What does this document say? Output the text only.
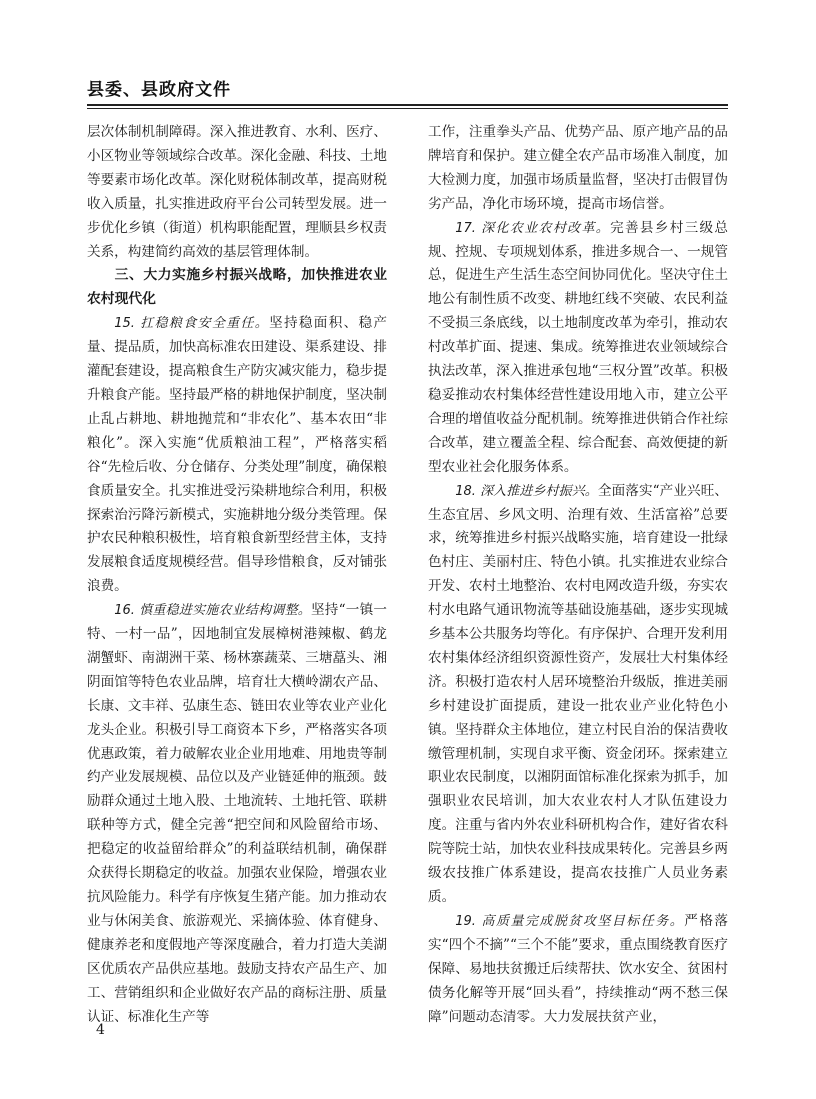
县委、县政府文件

层次体制机制障碍。深入推进教育、水利、医疗、小区物业等领域综合改革。深化金融、科技、土地等要素市场化改革。深化财税体制改革，提高财税收入质量，扎实推进政府平台公司转型发展。进一步优化乡镇（街道）机构职能配置，理顺县乡权责关系，构建简约高效的基层管理体制。

三、大力实施乡村振兴战略，加快推进农业农村现代化

15. 扛稳粮食安全重任。坚持稳面积、稳产量、提品质，加快高标准农田建设、渠系建设、排灌配套建设，提高粮食生产防灾减灾能力，稳步提升粮食产能。坚持最严格的耕地保护制度，坚决制止乱占耕地、耕地抛荒和“非农化”、基本农田“非粮化”。深入实施“优质粮油工程”，严格落实稻谷“先检后收、分仓储存、分类处理”制度，确保粮食质量安全。扎实推进受污染耕地综合利用，积极探索治污降污新模式，实施耕地分级分类管理。保护农民种粮积极性，培育粮食新型经营主体，支持发展粮食适度规模经营。倡导珍惜粮食，反对铺张浪费。

16. 慎重稳进实施农业结构调整。坚持“一镇一特、一村一品”，因地制宜发展樟树港辣椒、鹤龙湖蟹虾、南湖洲干菜、杨林寨蔬菜、三塘藠头、湘阴面馆等特色农业品牌，培育壮大横岭湖农产品、长康、文丰祥、弘康生态、链田农业等农业产业化龙头企业。积极引导工商资本下乡，严格落实各项优惠政策，着力破解农业企业用地难、用地贵等制约产业发展规模、品位以及产业链延伸的瓶颈。鼓励群众通过土地入股、土地流转、土地托管、联耕联种等方式，健全完善“把空间和风险留给市场、把稳定的收益留给群众”的利益联结机制，确保群众获得长期稳定的收益。加强农业保险，增强农业抗风险能力。科学有序恢复生猪产能。加力推动农业与休闲美食、旅游观光、采摘体验、体育健身、健康养老和度假地产等深度融合，着力打造大美湖区优质农产品供应基地。鼓励支持农产品生产、加工、营销组织和企业做好农产品的商标注册、质量认证、标准化生产等

工作，注重拳头产品、优势产品、原产地产品的品牌培育和保护。建立健全农产品市场准入制度，加大检测力度，加强市场质量监督，坚决打击假冒伪劣产品，净化市场环境，提高市场信誉。

17. 深化农业农村改革。完善县乡村三级总规、控规、专项规划体系，推进多规合一、一规管总，促进生产生活生态空间协同优化。坚决守住土地公有制性质不改变、耕地红线不突破、农民利益不受损三条底线，以土地制度改革为牵引，推动农村改革扩面、提速、集成。统筹推进农业领域综合执法改革，深入推进承包地“三权分置”改革。积极稳妥推动农村集体经营性建设用地入市，建立公平合理的增值收益分配机制。统筹推进供销合作社综合改革，建立覆盖全程、综合配套、高效便捷的新型农业社会化服务体系。

18. 深入推进乡村振兴。全面落实“产业兴旺、生态宜居、乡风文明、治理有效、生活富裕”总要求，统筹推进乡村振兴战略实施，培育建设一批绿色村庄、美丽村庄、特色小镇。扎实推进农业综合开发、农村土地整治、农村电网改造升级，夯实农村水电路气通讯物流等基础设施基础，逐步实现城乡基本公共服务均等化。有序保护、合理开发利用农村集体经济组织资源性资产，发展壮大村集体经济。积极打造农村人居环境整治升级版，推进美丽乡村建设扩面提质，建设一批农业产业化特色小镇。坚持群众主体地位，建立村民自治的保洁费收缴管理机制，实现自求平衡、资金闭环。探索建立职业农民制度，以湘阴面馆标准化探索为抓手，加强职业农民培训，加大农业农村人才队伍建设力度。注重与省内外农业科研机构合作，建好省农科院等院士站，加快农业科技成果转化。完善县乡两级农技推广体系建设，提高农技推广人员业务素质。

19. 高质量完成脱贫攻坚目标任务。严格落实“四个不摘”“三个不能”要求，重点围绕教育医疗保障、易地扶贫搬迁后续帮扶、饮水安全、贫困村债务化解等开展“回头看”，持续推动“两不愁三保障”问题动态清零。大力发展扶贫产业，

4
